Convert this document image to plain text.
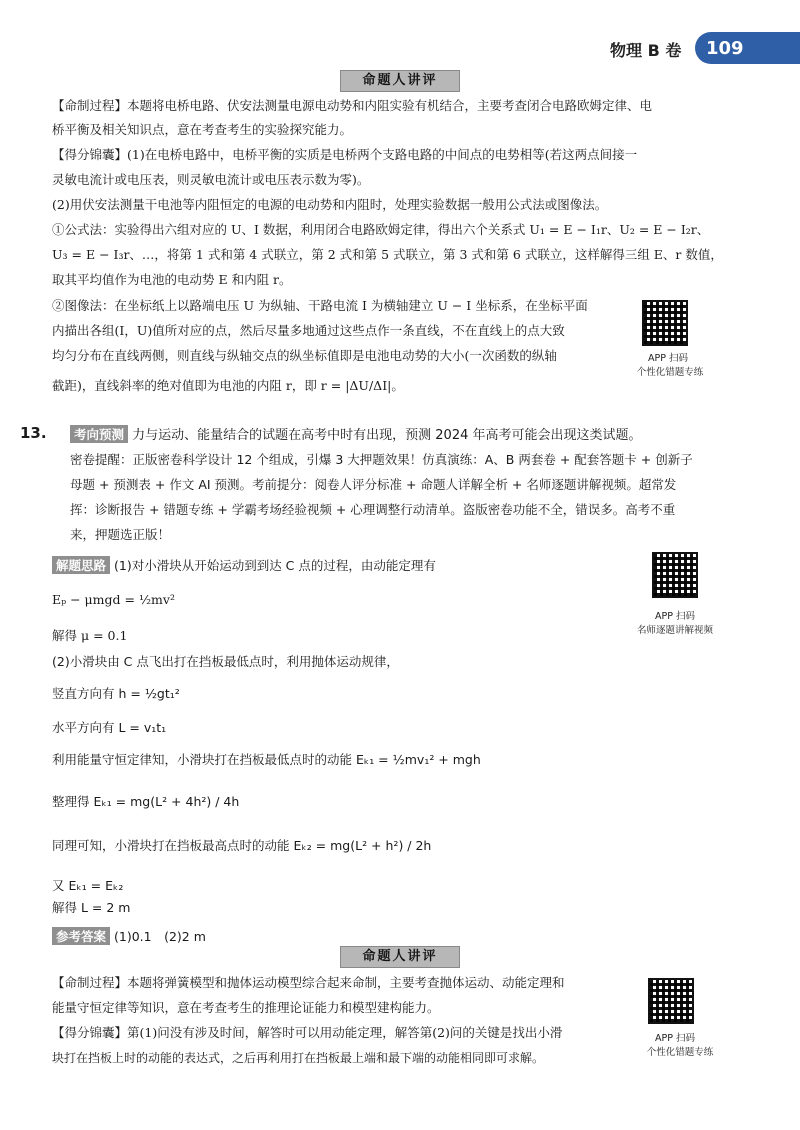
物理 B 卷 109
命题人讲评
【命制过程】本题将电桥电路、伏安法测量电源电动势和内阻实验有机结合，主要考查闭合电路欧姆定律、电
桥平衡及相关知识点，意在考查考生的实验探究能力。
【得分锦囊】(1)在电桥电路中，电桥平衡的实质是电桥两个支路电路的中间点的电势相等(若这两点间接一
灵敏电流计或电压表，则灵敏电流计或电压表示数为零)。
(2)用伏安法测量干电池等内阻恒定的电源的电动势和内阻时，处理实验数据一般用公式法或图像法。
①公式法：实验得出六组对应的 U、I 数据，利用闭合电路欧姆定律，得出六个关系式 U₁ = E − I₁r、U₂ = E − I₂r、
U₃ = E − I₃r、…，将第 1 式和第 4 式联立，第 2 式和第 5 式联立，第 3 式和第 6 式联立，这样解得三组 E、r 数值，
取其平均值作为电池的电动势 E 和内阻 r。
②图像法：在坐标纸上以路端电压 U 为纵轴、干路电流 I 为横轴建立 U − I 坐标系，在坐标平面
内描出各组(I，U)值所对应的点，然后尽量多地通过这些点作一条直线，不在直线上的点大致
均匀分布在直线两侧，则直线与纵轴交点的纵坐标值即是电池电动势的大小(一次函数的纵轴
截距)，直线斜率的绝对值即为电池的内阻 r，即 r = |ΔU/ΔI|。
APP 扫码
个性化错题专练
13.	考向预测 力与运动、能量结合的试题在高考中时有出现，预测 2024 年高考可能会出现这类试题。
密卷提醒：正版密卷科学设计 12 个组成，引爆 3 大押题效果！仿真演练：A、B 两套卷 + 配套答题卡 + 创新子
母题 + 预测表 + 作文 AI 预测。考前提分：阅卷人评分标准 + 命题人详解全析 + 名师逐题讲解视频。超常发
挥：诊断报告 + 错题专练 + 学霸考场经验视频 + 心理调整行动清单。盗版密卷功能不全，错误多。高考不重
来，押题选正版！
解题思路 (1)对小滑块从开始运动到到达 C 点的过程，由动能定理有
APP 扫码
名师逐题讲解视频
Eₚ − μmgd = ½mv²
解得 μ = 0.1
(2)小滑块由 C 点飞出打在挡板最低点时，利用抛体运动规律，
竖直方向有 h = ½gt₁²
水平方向有 L = v₁t₁
利用能量守恒定律知，小滑块打在挡板最低点时的动能 Eₖ₁ = ½mv₁² + mgh
整理得 Eₖ₁ = mg(L² + 4h²) / 4h
同理可知，小滑块打在挡板最高点时的动能 Eₖ₂ = mg(L² + h²) / 2h
又 Eₖ₁ = Eₖ₂
解得 L = 2 m
参考答案 (1)0.1　(2)2 m
命题人讲评
【命制过程】本题将弹簧模型和抛体运动模型综合起来命制，主要考查抛体运动、动能定理和
能量守恒定律等知识，意在考查考生的推理论证能力和模型建构能力。
【得分锦囊】第(1)问没有涉及时间，解答时可以用动能定理，解答第(2)问的关键是找出小滑
块打在挡板上时的动能的表达式，之后再利用打在挡板最上端和最下端的动能相同即可求解。
APP 扫码
个性化错题专练
